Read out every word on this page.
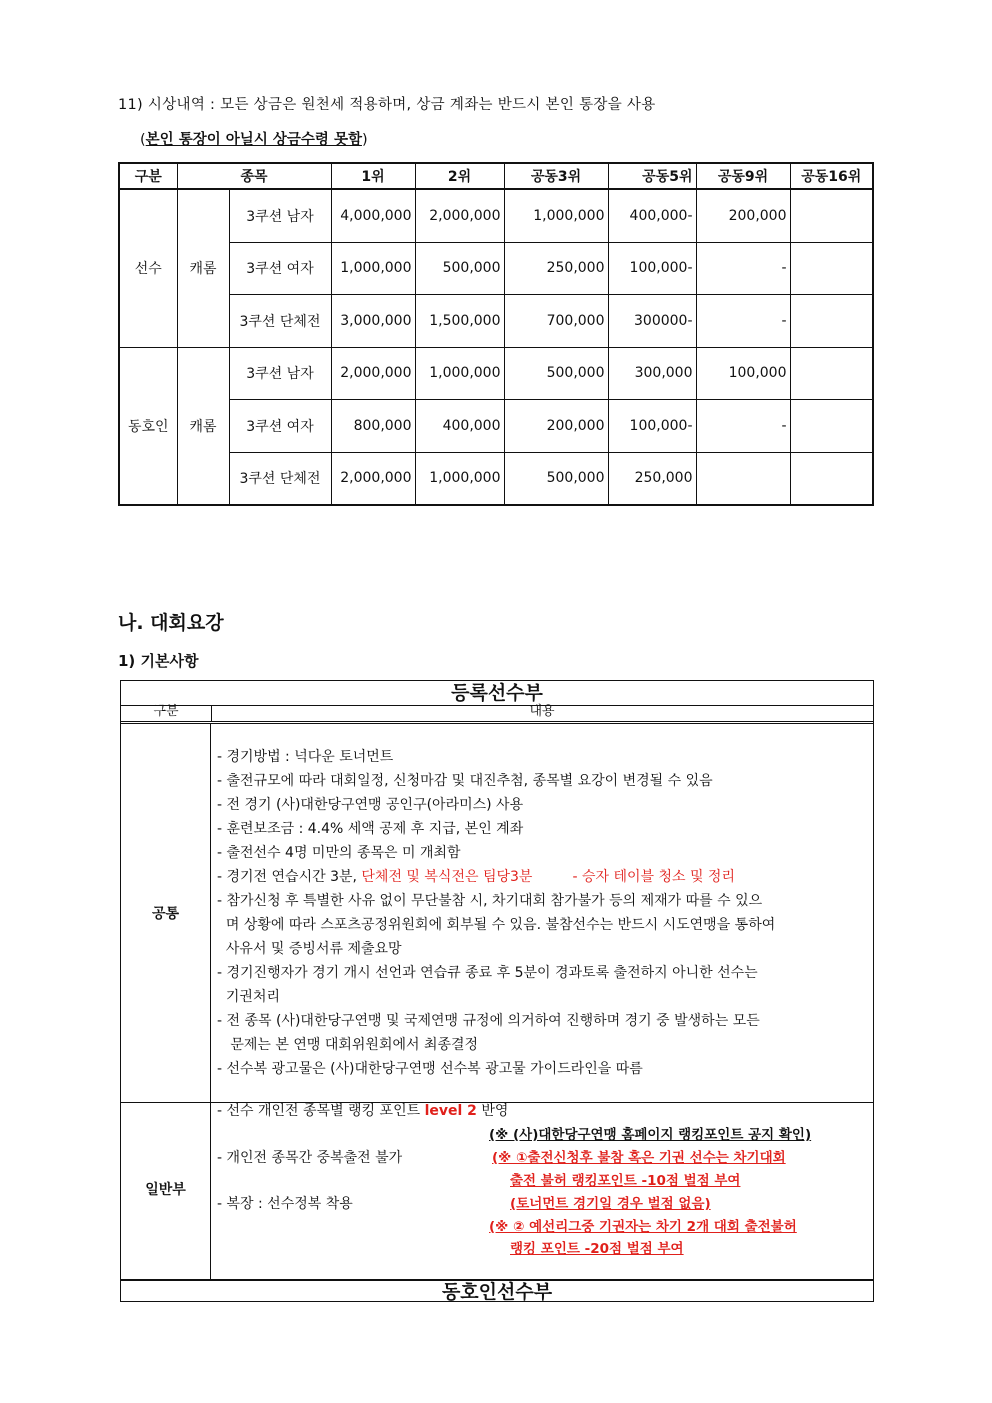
11) 시상내역 : 모든 상금은 원천세 적용하며, 상금 계좌는 반드시 본인 통장을 사용
(본인 통장이 아닐시 상금수령 못함)
구분	종목		1위	2위	공동3위	공동5위	공동9위	공동16위
선수	캐롬	3쿠션 남자	4,000,000	2,000,000	1,000,000	400,000-	200,000	
		3쿠션 여자	1,000,000	500,000	250,000	100,000-	-	
		3쿠션 단체전	3,000,000	1,500,000	700,000	300000-	-	
동호인	캐롬	3쿠션 남자	2,000,000	1,000,000	500,000	300,000	100,000	
		3쿠션 여자	800,000	400,000	200,000	100,000-	-	
		3쿠션 단체전	2,000,000	1,000,000	500,000	250,000		
나. 대회요강
1) 기본사항
등록선수부
구분	내용
공통
- 경기방법 : 넉다운 토너먼트
- 출전규모에 따라 대회일정, 신청마감 및 대진추첨, 종목별 요강이 변경될 수 있음
- 전 경기 (사)대한당구연맹 공인구(아라미스) 사용
- 훈련보조금 : 4.4% 세액 공제 후 지급, 본인 계좌
- 출전선수 4명 미만의 종목은 미 개최함
- 경기전 연습시간 3분, 단체전 및 복식전은 팀당3분	- 승자 테이블 청소 및 정리
- 참가신청 후 특별한 사유 없이 무단불참 시, 차기대회 참가불가 등의 제재가 따를 수 있으
며 상황에 따라 스포츠공정위원회에 회부될 수 있음. 불참선수는 반드시 시도연맹을 통하여
사유서 및 증빙서류 제출요망
- 경기진행자가 경기 개시 선언과 연습큐 종료 후 5분이 경과토록 출전하지 아니한 선수는
기권처리
- 전 종목 (사)대한당구연맹 및 국제연맹 규정에 의거하여 진행하며 경기 중 발생하는 모든
문제는 본 연맹 대회위원회에서 최종결정
- 선수복 광고물은 (사)대한당구연맹 선수복 광고물 가이드라인을 따름
일반부
- 선수 개인전 종목별 랭킹 포인트 level 2 반영
(※ (사)대한당구연맹 홈페이지 랭킹포인트 공지 확인)
- 개인전 종목간 중복출전 불가	(※ ①출전신청후 불참 혹은 기권 선수는 차기대회
출전 불허 랭킹포인트 -10점 벌점 부여
- 복장 : 선수정복 착용	(토너먼트 경기일 경우 벌점 없음)
(※ ② 예선리그중 기권자는 차기 2개 대회 출전불허
랭킹 포인트 -20점 벌점 부여
동호인선수부
